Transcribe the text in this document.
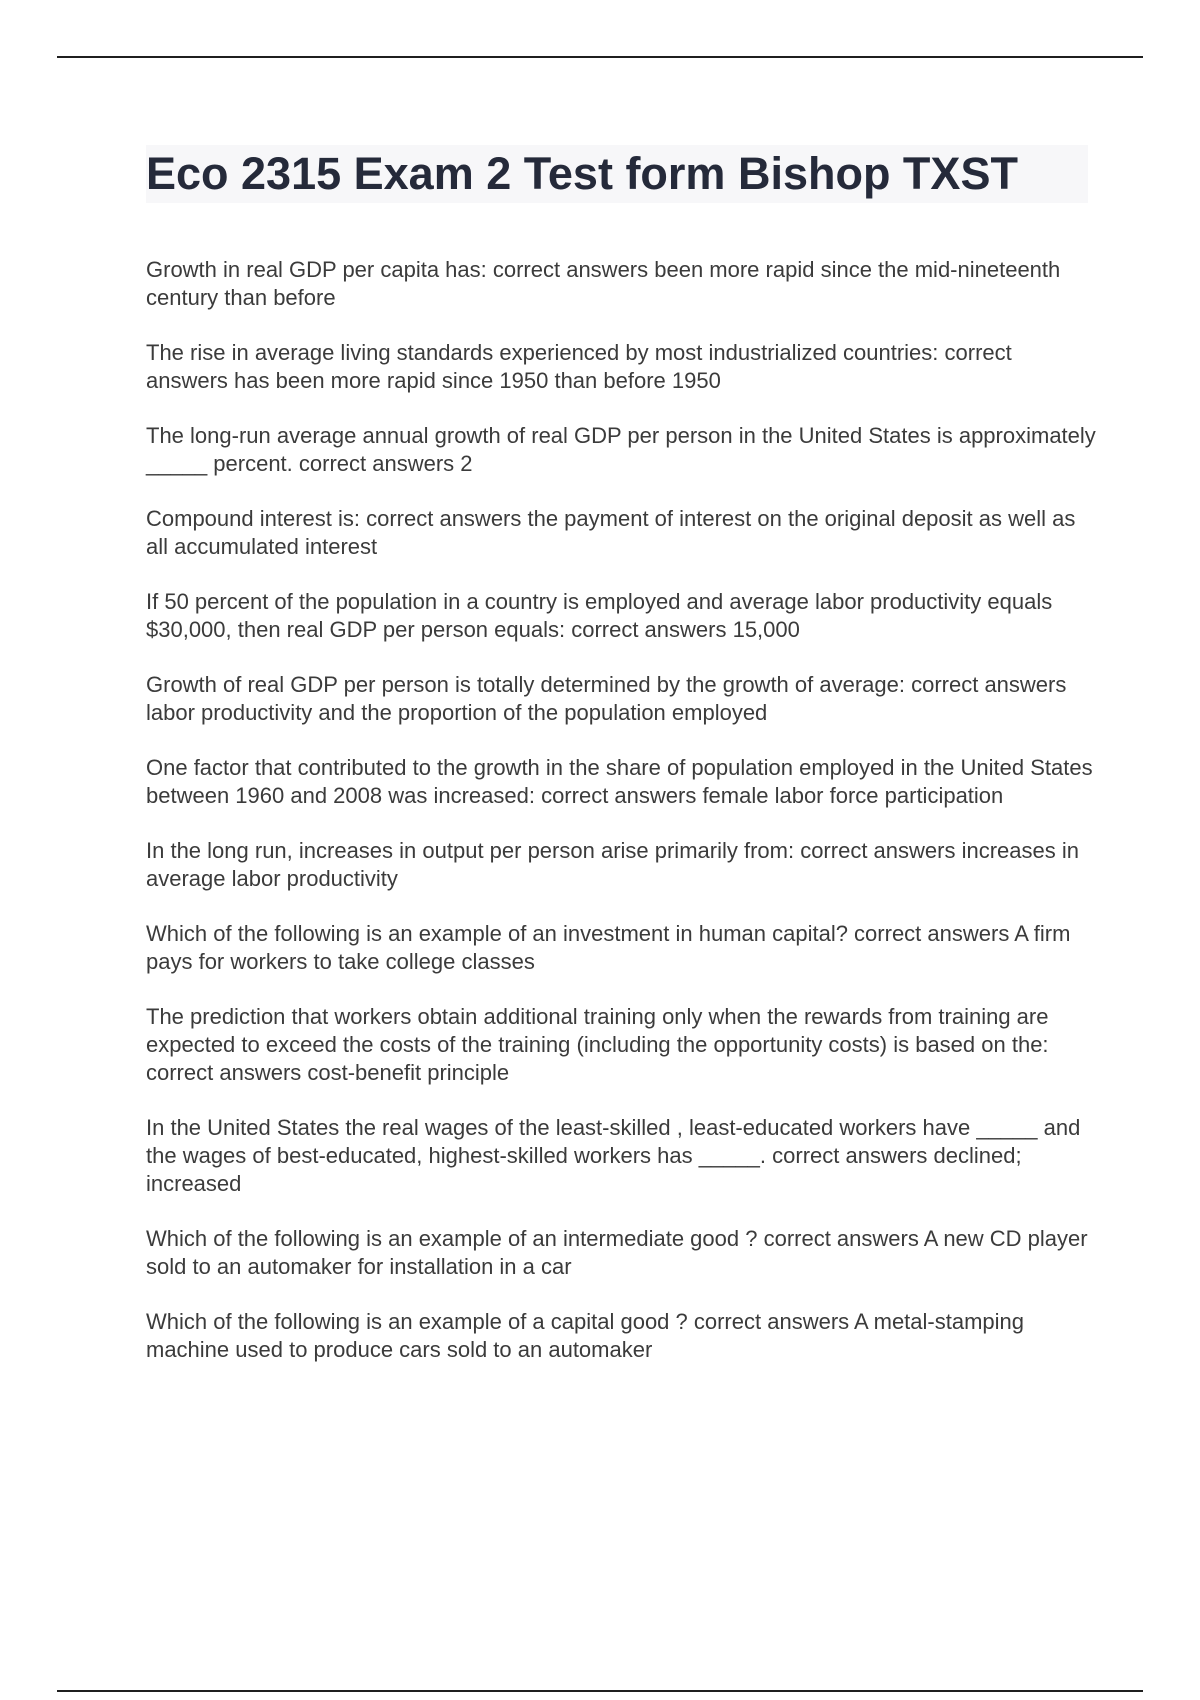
Eco 2315 Exam 2 Test form Bishop TXST

Growth in real GDP per capita has: correct answers been more rapid since the mid-nineteenth century than before

The rise in average living standards experienced by most industrialized countries: correct answers has been more rapid since 1950 than before 1950

The long-run average annual growth of real GDP per person in the United States is approximately _____ percent. correct answers 2

Compound interest is: correct answers the payment of interest on the original deposit as well as all accumulated interest

If 50 percent of the population in a country is employed and average labor productivity equals $30,000, then real GDP per person equals: correct answers 15,000

Growth of real GDP per person is totally determined by the growth of average: correct answers labor productivity and the proportion of the population employed

One factor that contributed to the growth in the share of population employed in the United States between 1960 and 2008 was increased: correct answers female labor force participation

In the long run, increases in output per person arise primarily from: correct answers increases in average labor productivity

Which of the following is an example of an investment in human capital? correct answers A firm pays for workers to take college classes

The prediction that workers obtain additional training only when the rewards from training are expected to exceed the costs of the training (including the opportunity costs) is based on the: correct answers cost-benefit principle

In the United States the real wages of the least-skilled , least-educated workers have _____ and the wages of best-educated, highest-skilled workers has _____. correct answers declined; increased

Which of the following is an example of an intermediate good ? correct answers A new CD player sold to an automaker for installation in a car

Which of the following is an example of a capital good ? correct answers A metal-stamping machine used to produce cars sold to an automaker
